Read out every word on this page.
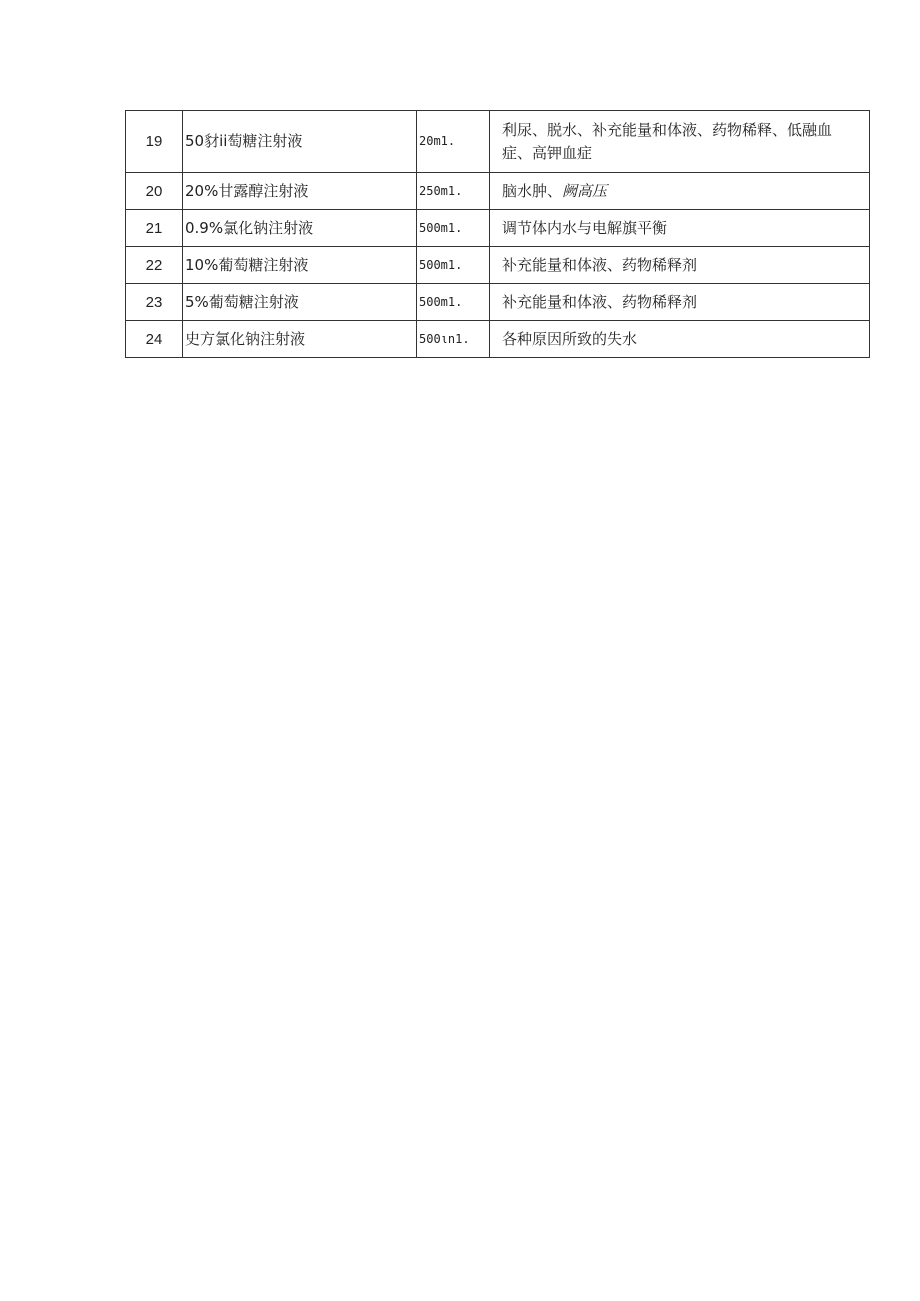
19	50豺ii萄糖注射液	20m1.	利尿、脱水、补充能量和体液、药物稀释、低融血症、高钾血症
20	20%甘露醇注射液	250m1.	脑水肿、阙高压
21	0.9%氯化钠注射液	500m1.	调节体内水与电解旗平衡
22	10%葡萄糖注射液	500m1.	补充能量和体液、药物稀释剂
23	5%葡萄糖注射液	500m1.	补充能量和体液、药物稀释剂
24	史方氯化钠注射液	500ιn1.	各种原因所致的失水
